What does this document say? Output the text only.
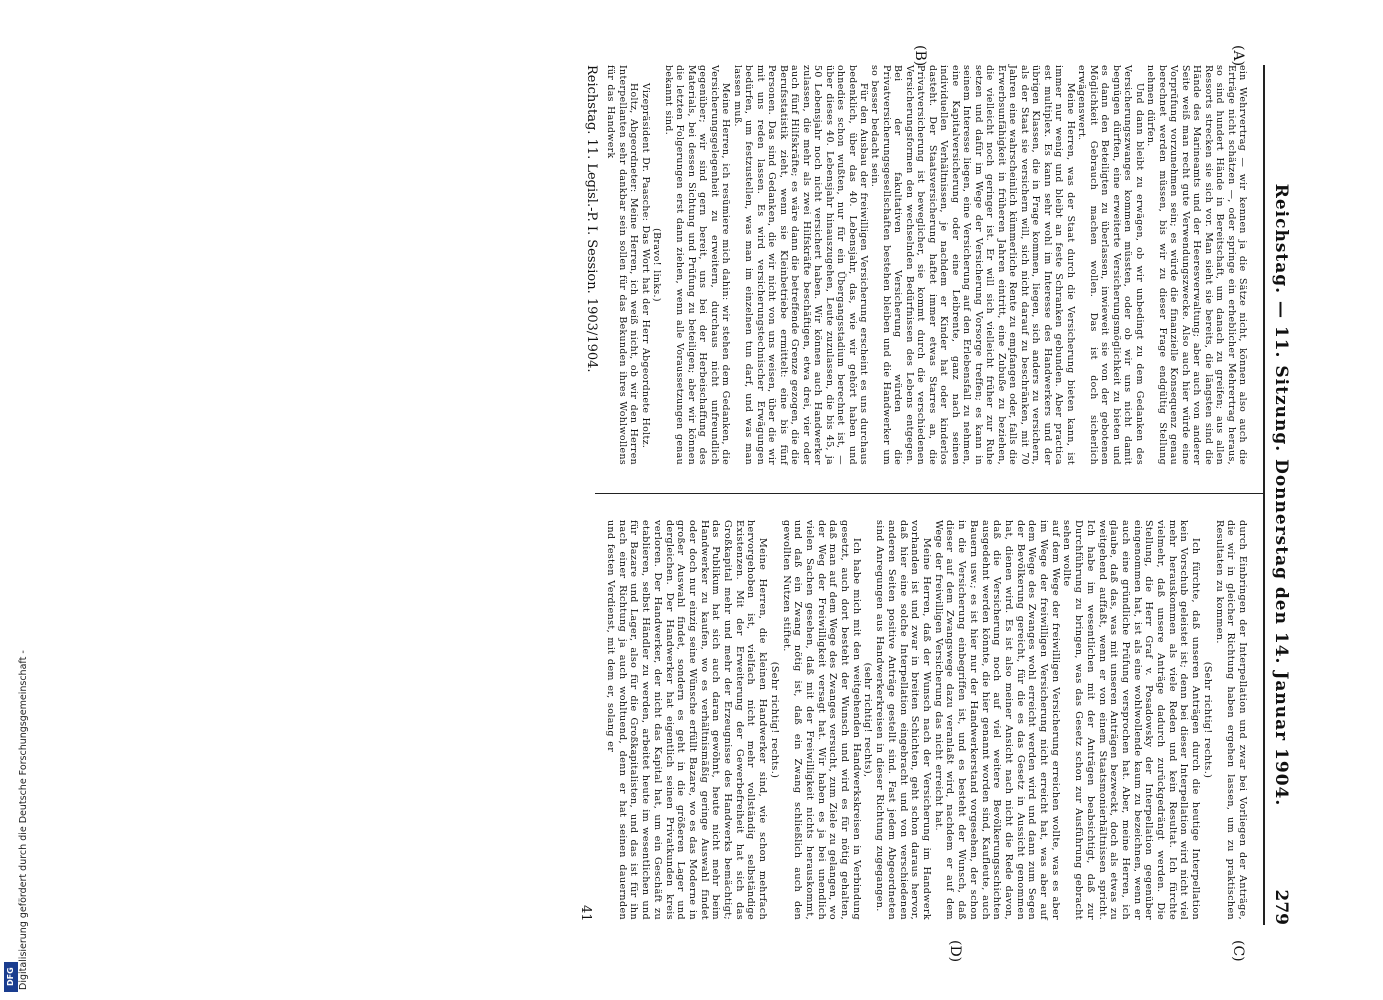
Reichstag. — 11. Sitzung. Donnerstag den 14. Januar 1904.
279
(A)
(B)
(C)
(D)

ein Wehrvertrag — wir kennen ja die Sätze nicht, können also auch die Erträge nicht schätzen —, oder springe ein erheblicher Mehrertrag heraus, so sind hundert Hände in Bereitschaft, um danach zu greifen; aus allen Ressorts strecken sie sich vor. Man sieht sie bereits, die längsten sind die Hände des Marineamts und der Heeresverwaltung; aber auch von anderer Seite weiß man recht gute Verwendungszwecke. Also auch hier würde eine Vorprüfung vorzunehmen sein; es würde die finanzielle Konsequenz genau berechnet werden müssen, bis wir zu dieser Frage endgültig Stellung nehmen dürfen.

Und dann bleibt zu erwägen, ob wir unbedingt zu dem Gedanken des Versicherungszwanges kommen müssten, oder ob wir uns nicht damit begnügen dürften, eine erweiterte Versicherungsmöglichkeit zu bieten und es dann den Beteiligten zu überlassen, inwieweit sie von der gebotenen Möglichkeit Gebrauch machen wollen. Das ist doch sicherlich erwägenswert.

Meine Herren, was der Staat durch die Versicherung bieten kann, ist immer nur wenig und bleibt an feste Schranken gebunden. Aber practica est multiplex. Es kann sehr wohl im Interesse des Handwerkers und der übrigen Klassen, die in Frage kommen, liegen, sich anders zu versichern, als der Staat sie versichern will, sich nicht darauf zu beschränken, mit 70 Jahren eine wahrscheinlich kümmerliche Rente zu empfangen oder, falls die Erwerbsunfähigkeit in früheren Jahren eintritt, eine Zubuße zu beziehen, die vielleicht noch geringer ist. Er will sich vielleicht früher zur Ruhe setzen und dafür im Wege der Versicherung Vorsorge treffen; es kann in seinem Interesse liegen, eine Versicherung auf den Erlebensfall zu nehmen, eine Kapitalversicherung oder eine Leibrente, ganz nach seinen individuellen Verhältnissen, je nachdem er Kinder hat oder kinderlos dasteht. Der Staatsversicherung haftet immer etwas Starres an, die Privatversicherung ist beweglicher, sie kommt durch die verschiedenen Versicherungsformen den wechselnden Bedürfnissen des Lebens entgegen. Bei der fakultativen Versicherung würden die Privatversicherungsgesellschaften bestehen bleiben und die Handwerker um so besser bedacht sein.

Für den Ausbau der freiwilligen Versicherung erscheint es uns durchaus bedenklich, über das 40. Lebensjahr, das, wie wir gehört haben und ohnedies schon wußten, nur für ein Übergangsstadium berechnet ist, — über dieses 40. Lebensjahr hinauszugehen, Leute zuzulassen, die bis 45, ja 50 Lebensjahr noch nicht versichert haben. Wir können auch Handwerker zulassen, die mehr als zwei Hilfskräfte beschäftigen, etwa drei, vier oder auch fünf Hilfskräfte; es wäre dann die betreffende Grenze gezogen, die die Berufsstatistik zieht, wenn sie Kleinbetriebe ermittelt: eine bis fünf Personen. Das sind Gedanken, die wir nicht von uns weisen, über die wir mit uns reden lassen. Es wird versicherungstechnischer Erwägungen bedürfen, um festzustellen, was man im einzelnen tun darf, und was man lassen muß.

Meine Herren, ich resümiere mich dahin: wir stehen dem Gedanken, die Versicherungsgelegenheit zu erweitern, durchaus nicht unfreundlich gegenüber; wir sind gern bereit, uns bei der Herbeischaffung des Materials, bei dessen Sichtung und Prüfung zu beteiligen; aber wir können die letzten Folgerungen erst dann ziehen, wenn alle Voraussetzungen genau bekannt sind.

(Bravo! links.)

Vizepräsident Dr. Paasche: Das Wort hat der Herr Abgeordnete Holtz.

Holtz, Abgeordneter: Meine Herren, ich weiß nicht, ob wir den Herren Interpellanten sehr dankbar sein sollen für das Bekunden ihres Wohlwollens für das Handwerk

durch Einbringen der Interpellation und zwar bei Vorliegen der Anträge, die wir in gleicher Richtung haben ergehen lassen, um zu praktischen Resultaten zu kommen.

(Sehr richtig! rechts.)

Ich fürchte, daß unseren Anträgen durch die heutige Interpellation kein Vorschub geleistet ist; denn bei dieser Interpellation wird nicht viel mehr herauskommen als viele Reden und kein Resultat. Ich fürchte vielmehr, daß unsere Anträge dadurch zurückgedrängt werden. Die Stellung, die Herr Graf v. Posadowsky der Interpellation gegenüber eingenommen hat, ist als eine wohlwollende kaum zu bezeichnen, wenn er auch eine gründliche Prüfung versprochen hat. Aber, meine Herren, ich glaube, daß das, was mit unseren Anträgen bezweckt, doch als etwas zu weitgehend auffaßt, wenn er von einem Staatsmonierhältnissen spricht. Ich habe im wesentlichen mit der Anträgen beabsichtigt, daß zur Durchführung zu bringen, was das Gesetz schon zur Ausführung gebracht sehen wollte

auf dem Wege der freiwilligen Versicherung erreichen wollte, was es aber im Wege der freiwilligen Versicherung nicht erreicht hat, was aber auf dem Wege des Zwanges wohl erreicht werden wird und dann zum Segen der Bevölkerung gereicht, für die es das Gesetz in Aussicht genommen hat, dienen wird. Es ist also meiner Ansicht nach nicht die Rede davon, daß die Versicherung noch auf viel weitere Bevölkerungsschichten ausgedehnt werden könnte, die hier genannt worden sind, Kaufleute, auch Bauern usw.; es ist hier nur der Handwerkerstand vorgesehen, der schon in die Versicherung einbegriffen ist, und es besteht der Wunsch, daß dieser auf dem Zwangswege dazu veranlaßt wird, nachdem er auf dem Wege der freiwilligen Versicherung das nicht erreicht hat.

Meine Herren, daß der Wunsch nach der Versicherung im Handwerk vorhanden ist und zwar in breiten Schichten, geht schon daraus hervor, daß hier eine solche Interpellation eingebracht und von verschiedenen anderen Seiten positive Anträge gestellt sind. Fast jedem Abgeordneten sind Anregungen aus Handwerkerkreisen in dieser Richtung zugegangen.

(sehr richtig! rechts),

Ich habe mich mit den weitgehenden Handwerkskreisen in Verbindung gesetzt, auch dort besteht der Wunsch und wird es für nötig gehalten, daß man auf dem Wege des Zwanges versucht, zum Ziele zu gelangen, wo der Weg der Freiwilligkeit versagt hat. Wir haben es ja bei unendlich vielen Sachen gesehen, daß mit der Freiwilligkeit nichts herauskommt, und daß ein Zwang nötig ist, daß ein Zwang schließlich auch den gewollten Nutzen stiftet.

(Sehr richtig! rechts.)

Meine Herren, die kleinen Handwerker sind, wie schon mehrfach hervorgehoben ist, vielfach nicht mehr vollständig selbständige Existenzen. Mit der Erweiterung der Gewerbefreiheit hat sich das Großkapital mehr und mehr der Erzeugnisse des Handwerks bemächtigt; das Publikum hat sich auch daran gewöhnt, heute nicht mehr beim Handwerker zu kaufen, wo es verhältnismäßig geringe Auswahl findet oder doch nur einzig seine Wünsche erfüllt Bazare, wo es das Moderne in großer Auswahl findet, sondern es geht in die größeren Lager und dergleichen. Der Handwerker hat eigentlich seinen Privatkunden kreis verloren. Der Handwerker, der nicht das Kapital hat, um ein Geschäft zu etablieren, selbst Händler zu werden, arbeitet heute im wesentlichen und für Bazare und Lager, also für die Großkapitalisten, und das ist für ihn nach einer Richtung ja auch wohltuend, denn er hat seinen dauernden und festen Verdienst, mit dem er, solang er

Reichstag. 11. Legisl.-P. I. Session. 1903/1904.
41
Digitalisierung gefördert durch die Deutsche Forschungsgemeinschaft -
DFG
